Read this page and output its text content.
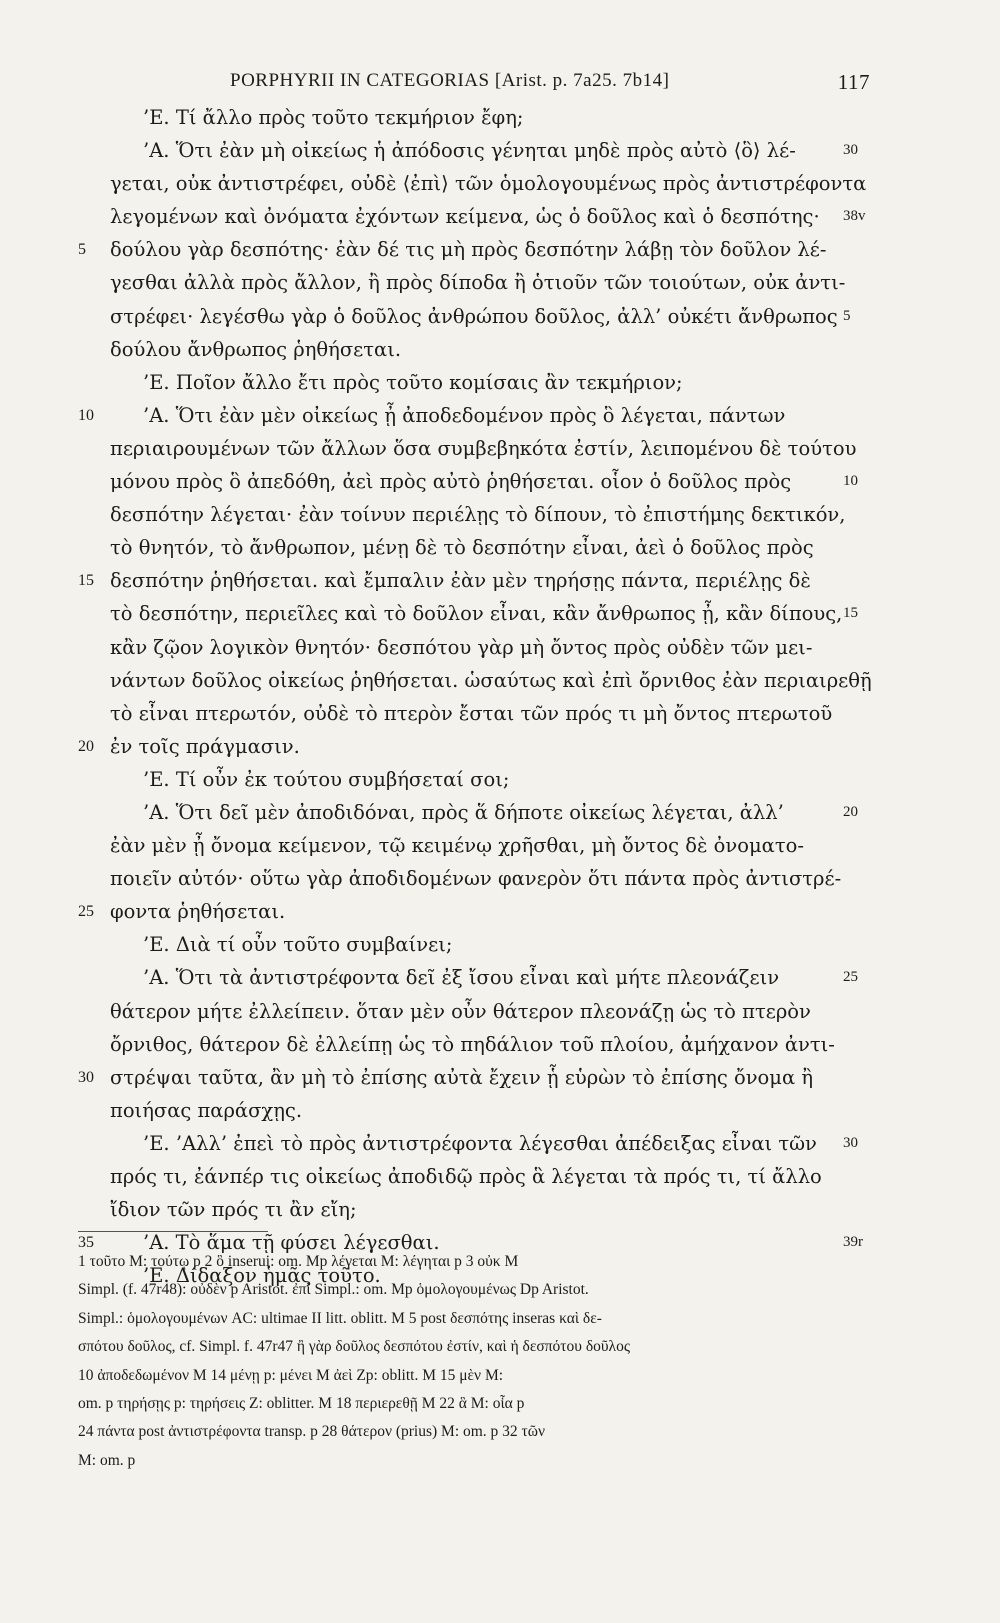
PORPHYRII IN CATEGORIAS [Arist. p. 7a25. 7b14]	117
’Ε. Τί ἄλλο πρὸς τοῦτο τεκμήριον ἔφη;
’Α. Ὅτι ἐὰν μὴ οἰκείως ἡ ἀπόδοσις γένηται μηδὲ πρὸς αὐτὸ ⟨ὃ⟩ λέ-	30
γεται, οὐκ ἀντιστρέφει, οὐδὲ ⟨ἐπὶ⟩ τῶν ὁμολογουμένως πρὸς ἀντιστρέφοντα
λεγομένων καὶ ὀνόματα ἐχόντων κείμενα, ὡς ὁ δοῦλος καὶ ὁ δεσπότης· 38v
5	δούλου γὰρ δεσπότης· ἐὰν δέ τις μὴ πρὸς δεσπότην λάβῃ τὸν δοῦλον λέ-
γεσθαι ἀλλὰ πρὸς ἄλλον, ἢ πρὸς δίποδα ἢ ὁτιοῦν τῶν τοιούτων, οὐκ ἀντι-
στρέφει· λεγέσθω γὰρ ὁ δοῦλος ἀνθρώπου δοῦλος, ἀλλ’ οὐκέτι ἄνθρωπος 5
δούλου ἄνθρωπος ῥηθήσεται.
’Ε. Ποῖον ἄλλο ἔτι πρὸς τοῦτο κομίσαις ἂν τεκμήριον;
10	’Α. Ὅτι ἐὰν μὲν οἰκείως ᾖ ἀποδεδομένον πρὸς ὃ λέγεται, πάντων
περιαιρουμένων τῶν ἄλλων ὅσα συμβεβηκότα ἐστίν, λειπομένου δὲ τούτου
μόνου πρὸς ὃ ἀπεδόθη, ἀεὶ πρὸς αὐτὸ ῥηθήσεται. οἷον ὁ δοῦλος πρὸς	10
δεσπότην λέγεται· ἐὰν τοίνυν περιέλῃς τὸ δίπουν, τὸ ἐπιστήμης δεκτικόν,
τὸ θνητόν, τὸ ἄνθρωπον, μένῃ δὲ τὸ δεσπότην εἶναι, ἀεὶ ὁ δοῦλος πρὸς
15 δεσπότην ῥηθήσεται. καὶ ἔμπαλιν ἐὰν μὲν τηρήσῃς πάντα, περιέλῃς δὲ
τὸ δεσπότην, περιεῖλες καὶ τὸ δοῦλον εἶναι, κἂν ἄνθρωπος ᾖ, κἂν δίπους, 15
κἂν ζῷον λογικὸν θνητόν· δεσπότου γὰρ μὴ ὄντος πρὸς οὐδὲν τῶν μει-
νάντων δοῦλος οἰκείως ῥηθήσεται. ὡσαύτως καὶ ἐπὶ ὄρνιθος ἐὰν περιαιρεθῇ
τὸ εἶναι πτερωτόν, οὐδὲ τὸ πτερὸν ἔσται τῶν πρός τι μὴ ὄντος πτερωτοῦ
20 ἐν τοῖς πράγμασιν.
’Ε. Τί οὖν ἐκ τούτου συμβήσεταί σοι;
’Α. Ὅτι δεῖ μὲν ἀποδιδόναι, πρὸς ἅ δήποτε οἰκείως λέγεται, ἀλλ’	20
ἐὰν μὲν ᾖ ὄνομα κείμενον, τῷ κειμένῳ χρῆσθαι, μὴ ὄντος δὲ ὀνοματο-
ποιεῖν αὐτόν· οὕτω γὰρ ἀποδιδομένων φανερὸν ὅτι πάντα πρὸς ἀντιστρέ-
25 φοντα ῥηθήσεται.
’Ε. Διὰ τί οὖν τοῦτο συμβαίνει;
’Α. Ὅτι τὰ ἀντιστρέφοντα δεῖ ἐξ ἴσου εἶναι καὶ μήτε πλεονάζειν	25
θάτερον μήτε ἐλλείπειν. ὅταν μὲν οὖν θάτερον πλεονάζῃ ὡς τὸ πτερὸν
ὄρνιθος, θάτερον δὲ ἐλλείπῃ ὡς τὸ πηδάλιον τοῦ πλοίου, ἀμήχανον ἀντι-
30 στρέψαι ταῦτα, ἂν μὴ τὸ ἐπίσης αὐτὰ ἔχειν ᾗ εὑρὼν τὸ ἐπίσης ὄνομα ἢ
ποιήσας παράσχῃς.
’Ε. ’Αλλ’ ἐπεὶ τὸ πρὸς ἀντιστρέφοντα λέγεσθαι ἀπέδειξας εἶναι τῶν 30
πρός τι, ἐάνπέρ τις οἰκείως ἀποδιδῷ πρὸς ἃ λέγεται τὰ πρός τι, τί ἄλλο
ἴδιον τῶν πρός τι ἂν εἴη;
35	’Α. Τὸ ἅμα τῇ φύσει λέγεσθαι.	39r
’Ε. Δίδαξον ἡμᾶς τοῦτο.
1 τοῦτο M: τούτῳ p 2 ὃ inserui: om. Mp λέγεται M: λέγηται p 3 οὐκ M
Simpl. (f. 47r48): οὐδὲν p Aristot. ἐπὶ Simpl.: om. Mp ὁμολογουμένως Dp Aristot.
Simpl.: ὁμολογουμένων AC: ultimae II litt. oblitt. M 5 post δεσπότης inseras καὶ δε-
σπότου δοῦλος, cf. Simpl. f. 47r47 ἢ γὰρ δοῦλος δεσπότου ἐστίν, καὶ ἡ δεσπότου δοῦλος
10 ἀποδεδωμένον M 14 μένῃ p: μένει M ἀεὶ Zp: oblitt. M 15 μὲν M:
om. p τηρήσῃς p: τηρήσεις Z: oblitter. M 18 περιερεθῇ M 22 ἃ M: οἷα p
24 πάντα post ἀντιστρέφοντα transp. p 28 θάτερον (prius) M: om. p 32 τῶν
M: om. p
